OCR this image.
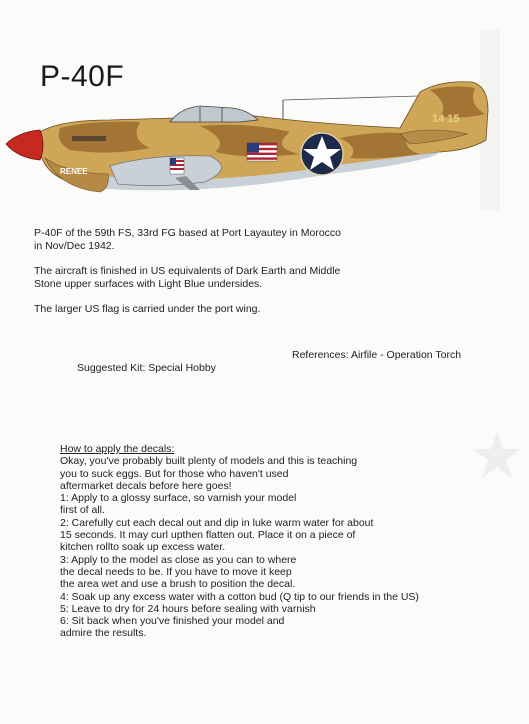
P-40F
14 15
RENEE

P-40F of the 59th FS, 33rd FG based at Port Layautey in Morocco
in Nov/Dec 1942.

The aircraft is finished in US equivalents of Dark Earth and Middle
Stone upper surfaces with Light Blue undersides.

The larger US flag is carried under the port wing.

References: Airfile - Operation Torch
Suggested Kit: Special Hobby
How to apply the decals:
Okay, you've probably built plenty of models and this is teaching
you to suck eggs. But for those who haven't used
aftermarket decals before here goes!
1: Apply to a glossy surface, so varnish your model
first of all.
2: Carefully cut each decal out and dip in luke warm water for about
15 seconds. It may curl upthen flatten out. Place it on a piece of
kitchen rollto soak up excess water.
3: Apply to the model as close as you can to where
the decal needs to be. If you have to move it keep
the area wet and use a brush to position the decal.
4: Soak up any excess water with a cotton bud (Q tip to our friends in the US)
5: Leave to dry for 24 hours before sealing with varnish
6: Sit back when you've finished your model and
admire the results.
